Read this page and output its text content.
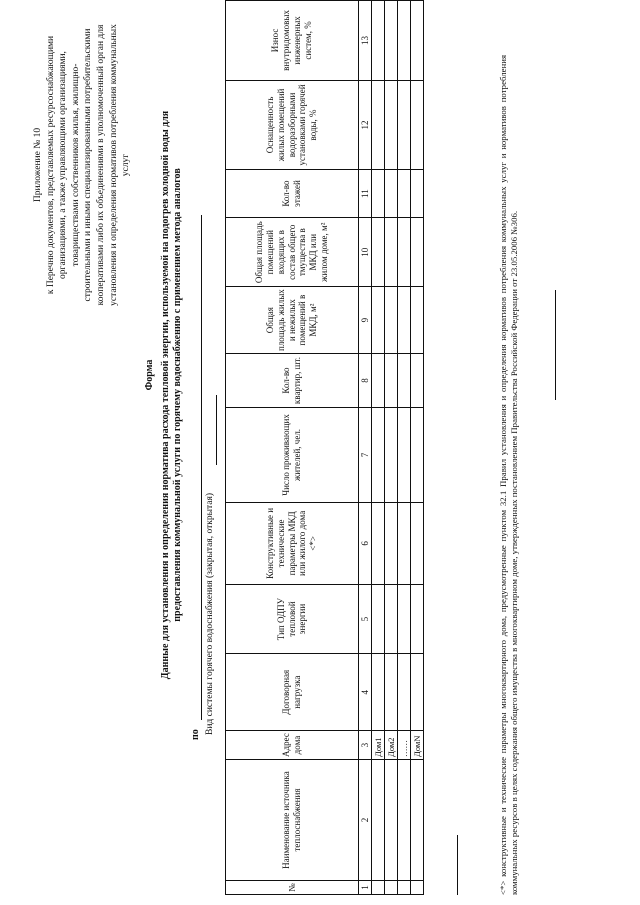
Приложение № 10 к Перечню документов, представляемых ресурсоснабжающими организациями, а также управляющими организациями, товариществами собственников жилья, жилищно- строительными и иными специализированными потребительскими кооперативами либо их объединениями в уполномоченный орган для установления и определения нормативов потребления коммунальных услуг
Форма Данные для установления и определения норматива расхода тепловой энергии, используемой на подогрев холодной воды для предоставления коммунальной услуги по горячему водоснабжению с применением метода аналогов
по Вид системы горячего водоснабжения (закрытая, открытая)
№	Наименование источника теплоснабжения	Адрес дома	Договорная нагрузка	Тип ОДПУ тепловой энергии	Конструктивные и технические параметры МКД или жилого дома <*>	Число проживающих жителей, чел.	Кол-во квартир, шт.	Общая площадь жилых и нежилых помещений в МКД, м²	Общая площадь помещений входящих в состав общего тмущества в МКД или жилом доме, м²	Кол-во этажей	Оснащенность жилых помещений водоразборными установками горячей воды, %	Износ внутридомовых инженерных систем, %
1	2	3	4	5	6	7	8	9	10	11	12	13
		Дом1										
		Дом2										
		……										
		ДомN											<*> конструктивные и технические параметры многоквартирного дома, предусмотренные пунктом 32.1 Правил установления и определения нормативов потребления коммунальных услуг и нормативов потребления коммунальных ресурсов в целях содержания общего имущества в многоквартирном доме, утвержденных постановлением Правительства Российской Федерации от 23.05.2006 №306.
